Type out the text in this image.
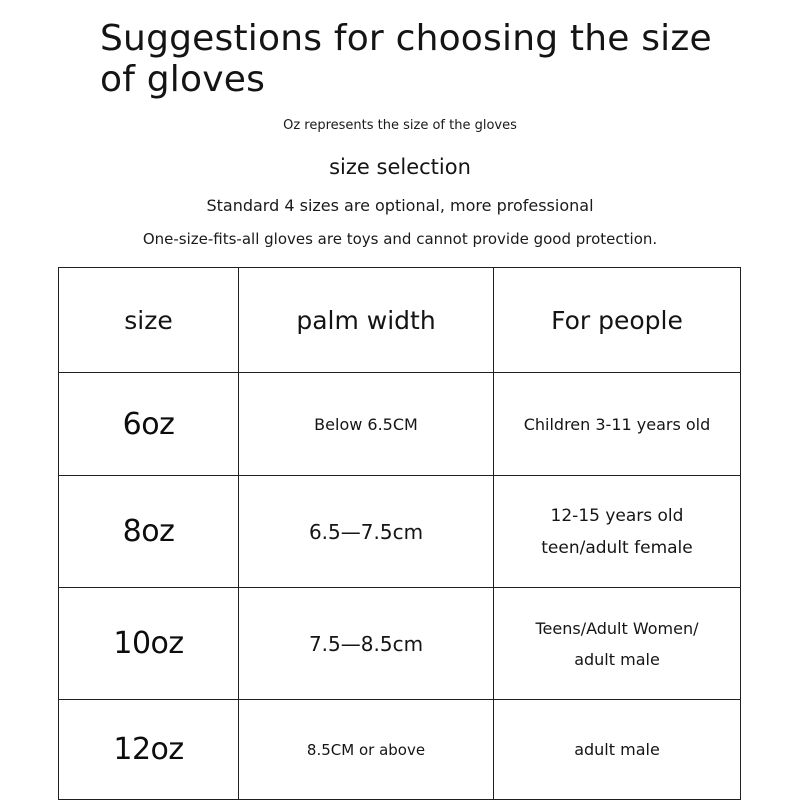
Suggestions for choosing the size of gloves
Oz represents the size of the gloves
size selection
Standard 4 sizes are optional, more professional
One-size-fits-all gloves are toys and cannot provide good protection.
size	palm width	For people
6oz	Below 6.5CM	Children 3-11 years old
8oz	6.5—7.5cm	12-15 years old
teen/adult female

10oz	7.5—8.5cm	Teens/Adult Women/
adult male

12oz	8.5CM or above	adult male
